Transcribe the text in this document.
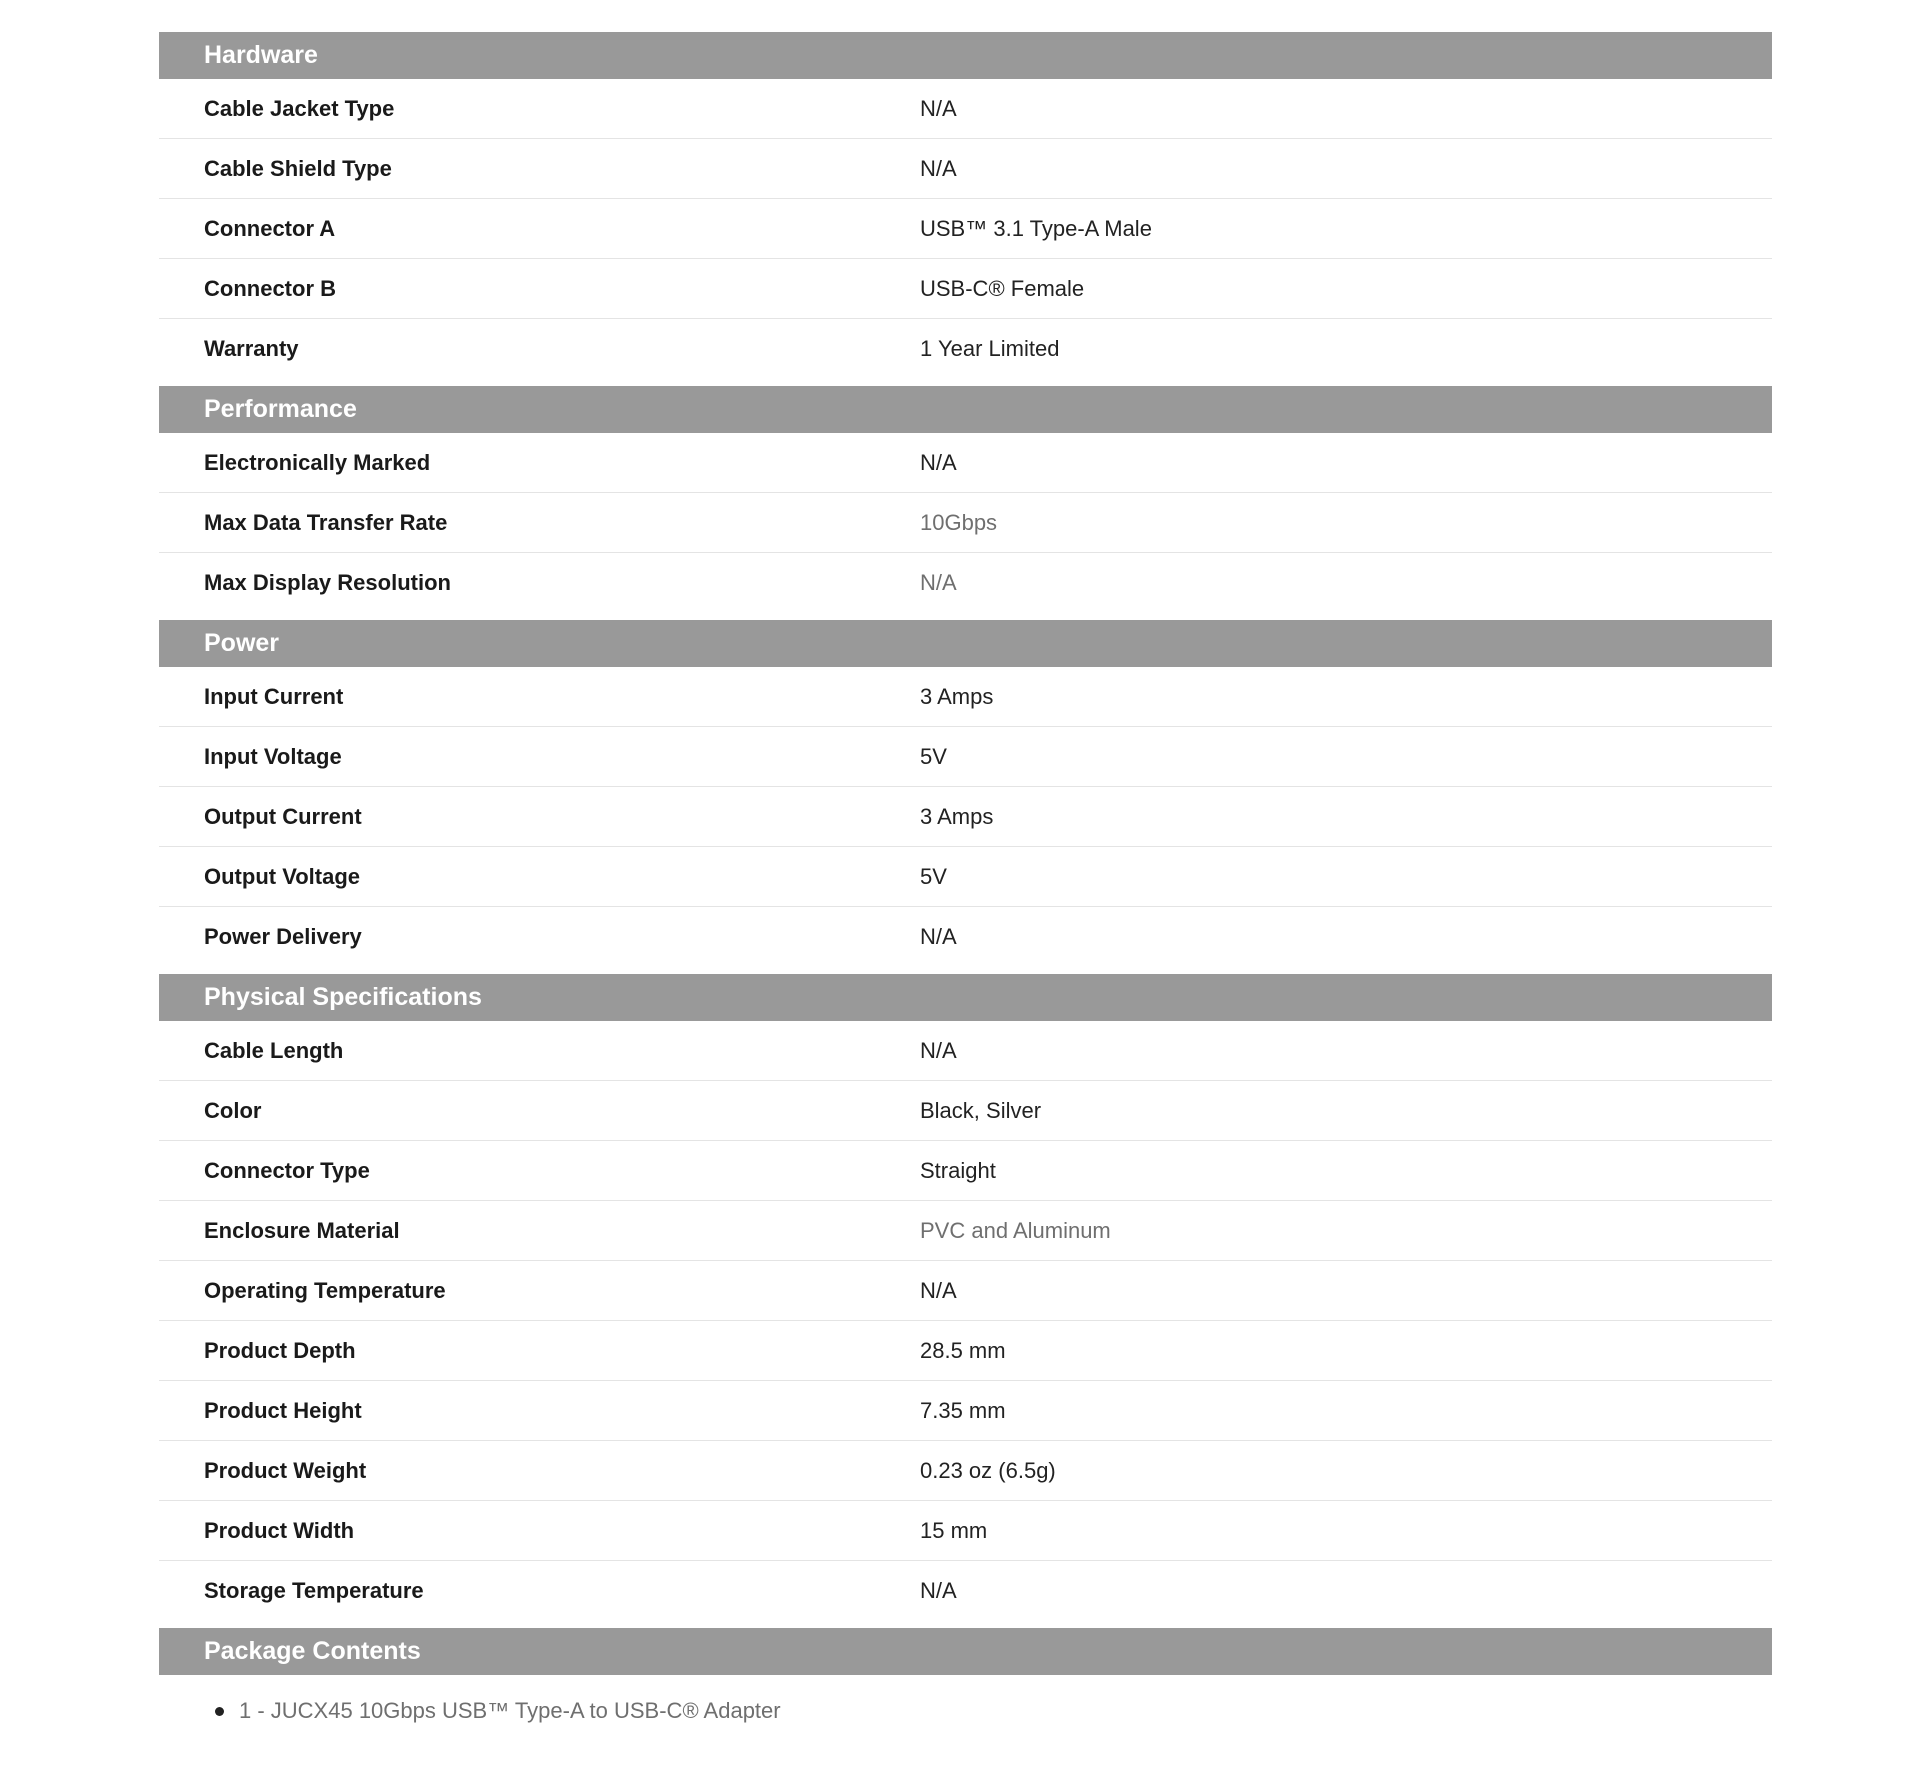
Hardware
Cable Jacket Type	N/A
Cable Shield Type	N/A
Connector A	USB™ 3.1 Type-A Male
Connector B	USB-C® Female
Warranty	1 Year Limited
Performance
Electronically Marked	N/A
Max Data Transfer Rate	10Gbps
Max Display Resolution	N/A
Power
Input Current	3 Amps
Input Voltage	5V
Output Current	3 Amps
Output Voltage	5V
Power Delivery	N/A
Physical Specifications
Cable Length	N/A
Color	Black, Silver
Connector Type	Straight
Enclosure Material	PVC and Aluminum
Operating Temperature	N/A
Product Depth	28.5 mm
Product Height	7.35 mm
Product Weight	0.23 oz (6.5g)
Product Width	15 mm
Storage Temperature	N/A
Package Contents
1 - JUCX45 10Gbps USB™ Type-A to USB-C® Adapter
